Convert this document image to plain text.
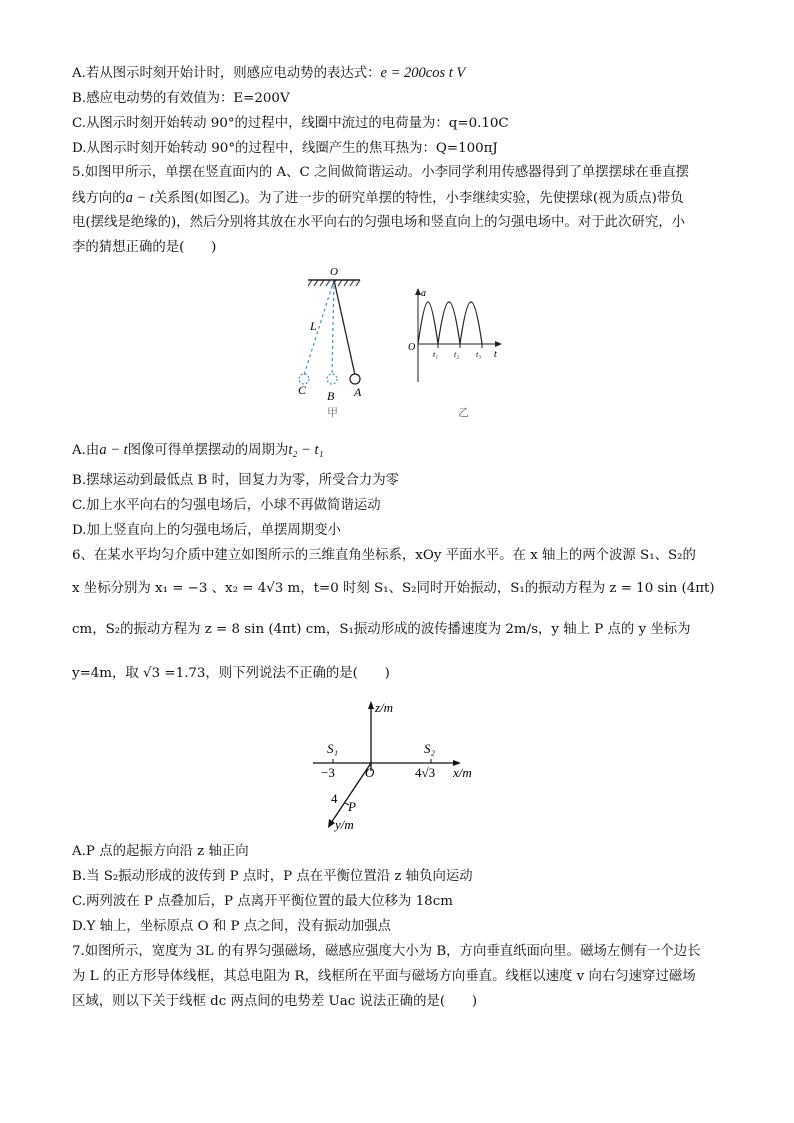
A.若从图示时刻开始计时，则感应电动势的表达式：e = 200cos t V
B.感应电动势的有效值为：E=200V
C.从图示时刻开始转动 90°的过程中，线圈中流过的电荷量为：q=0.10C
D.从图示时刻开始转动 90°的过程中，线圈产生的焦耳热为：Q=100πJ
5.如图甲所示，单摆在竖直面内的 A、C 之间做简谐运动。小李同学利用传感器得到了单摆摆球在垂直摆
线方向的a − t关系图(如图乙)。为了进一步的研究单摆的特性，小李继续实验，先使摆球(视为质点)带负
电(摆线是绝缘的)，然后分别将其放在水平向右的匀强电场和竖直向上的匀强电场中。对于此次研究，小
李的猜想正确的是(　　)
O
L
C B A
甲
a
O
t
t₁ t₂ t₃
乙
A.由a − t图像可得单摆摆动的周期为t₂ − t₁
B.摆球运动到最低点 B 时，回复力为零，所受合力为零
C.加上水平向右的匀强电场后，小球不再做简谐运动
D.加上竖直向上的匀强电场后，单摆周期变小
6、在某水平均匀介质中建立如图所示的三维直角坐标系，xOy 平面水平。在 x 轴上的两个波源 S₁、S₂的
x 坐标分别为 x₁ = −3 、x₂ = 4√3 m，t=0 时刻 S₁、S₂同时开始振动，S₁的振动方程为 z = 10 sin (4πt)
cm，S₂的振动方程为 z = 8 sin (4πt) cm，S₁振动形成的波传播速度为 2m/s，y 轴上 P 点的 y 坐标为
y=4m，取 √3 =1.73，则下列说法不正确的是(　　)
z/m
x/m
S₁	S₂
−3 O	4√3
4
P
y/m
A.P 点的起振方向沿 z 轴正向
B.当 S₂振动形成的波传到 P 点时，P 点在平衡位置沿 z 轴负向运动
C.两列波在 P 点叠加后，P 点离开平衡位置的最大位移为 18cm
D.Y 轴上，坐标原点 O 和 P 点之间，没有振动加强点
7.如图所示，宽度为 3L 的有界匀强磁场，磁感应强度大小为 B，方向垂直纸面向里。磁场左侧有一个边长
为 L 的正方形导体线框，其总电阻为 R，线框所在平面与磁场方向垂直。线框以速度 v 向右匀速穿过磁场
区域，则以下关于线框 dc 两点间的电势差 Uac 说法正确的是(　　)
